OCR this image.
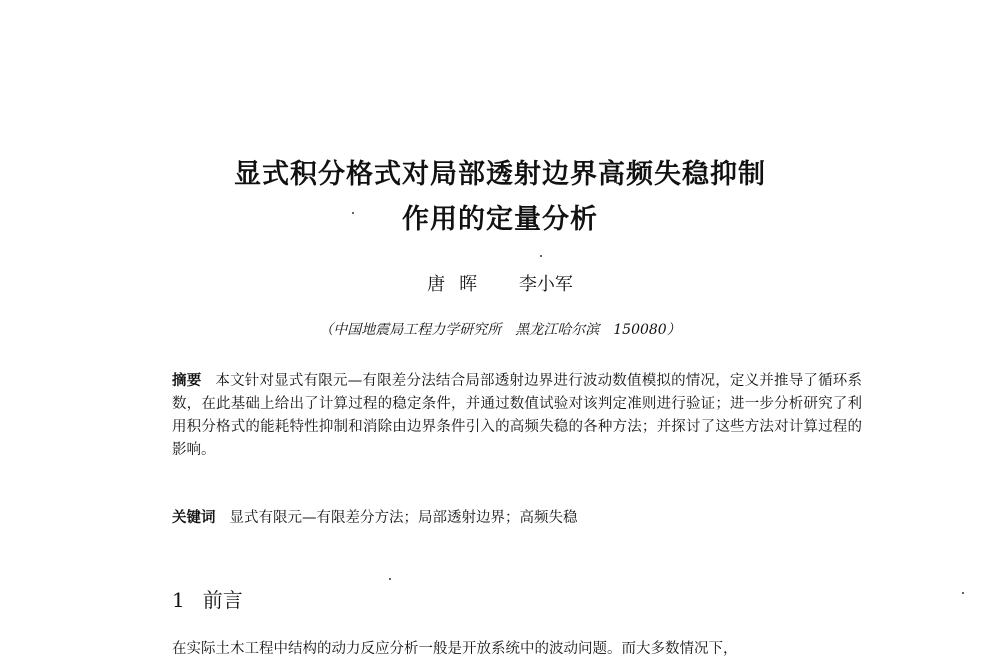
显式积分格式对局部透射边界高频失稳抑制
作用的定量分析
唐晖 李小军
（中国地震局工程力学研究所　黑龙江哈尔滨　150080）
摘要 本文针对显式有限元—有限差分法结合局部透射边界进行波动数值模拟的情况，定义并推导了循环系数，在此基础上给出了计算过程的稳定条件，并通过数值试验对该判定准则进行验证；进一步分析研究了利用积分格式的能耗特性抑制和消除由边界条件引入的高频失稳的各种方法；并探讨了这些方法对计算过程的影响。
关键词 显式有限元—有限差分方法；局部透射边界；高频失稳
1 前言
在实际土木工程中结构的动力反应分析一般是开放系统中的波动问题。而大多数情况下，
